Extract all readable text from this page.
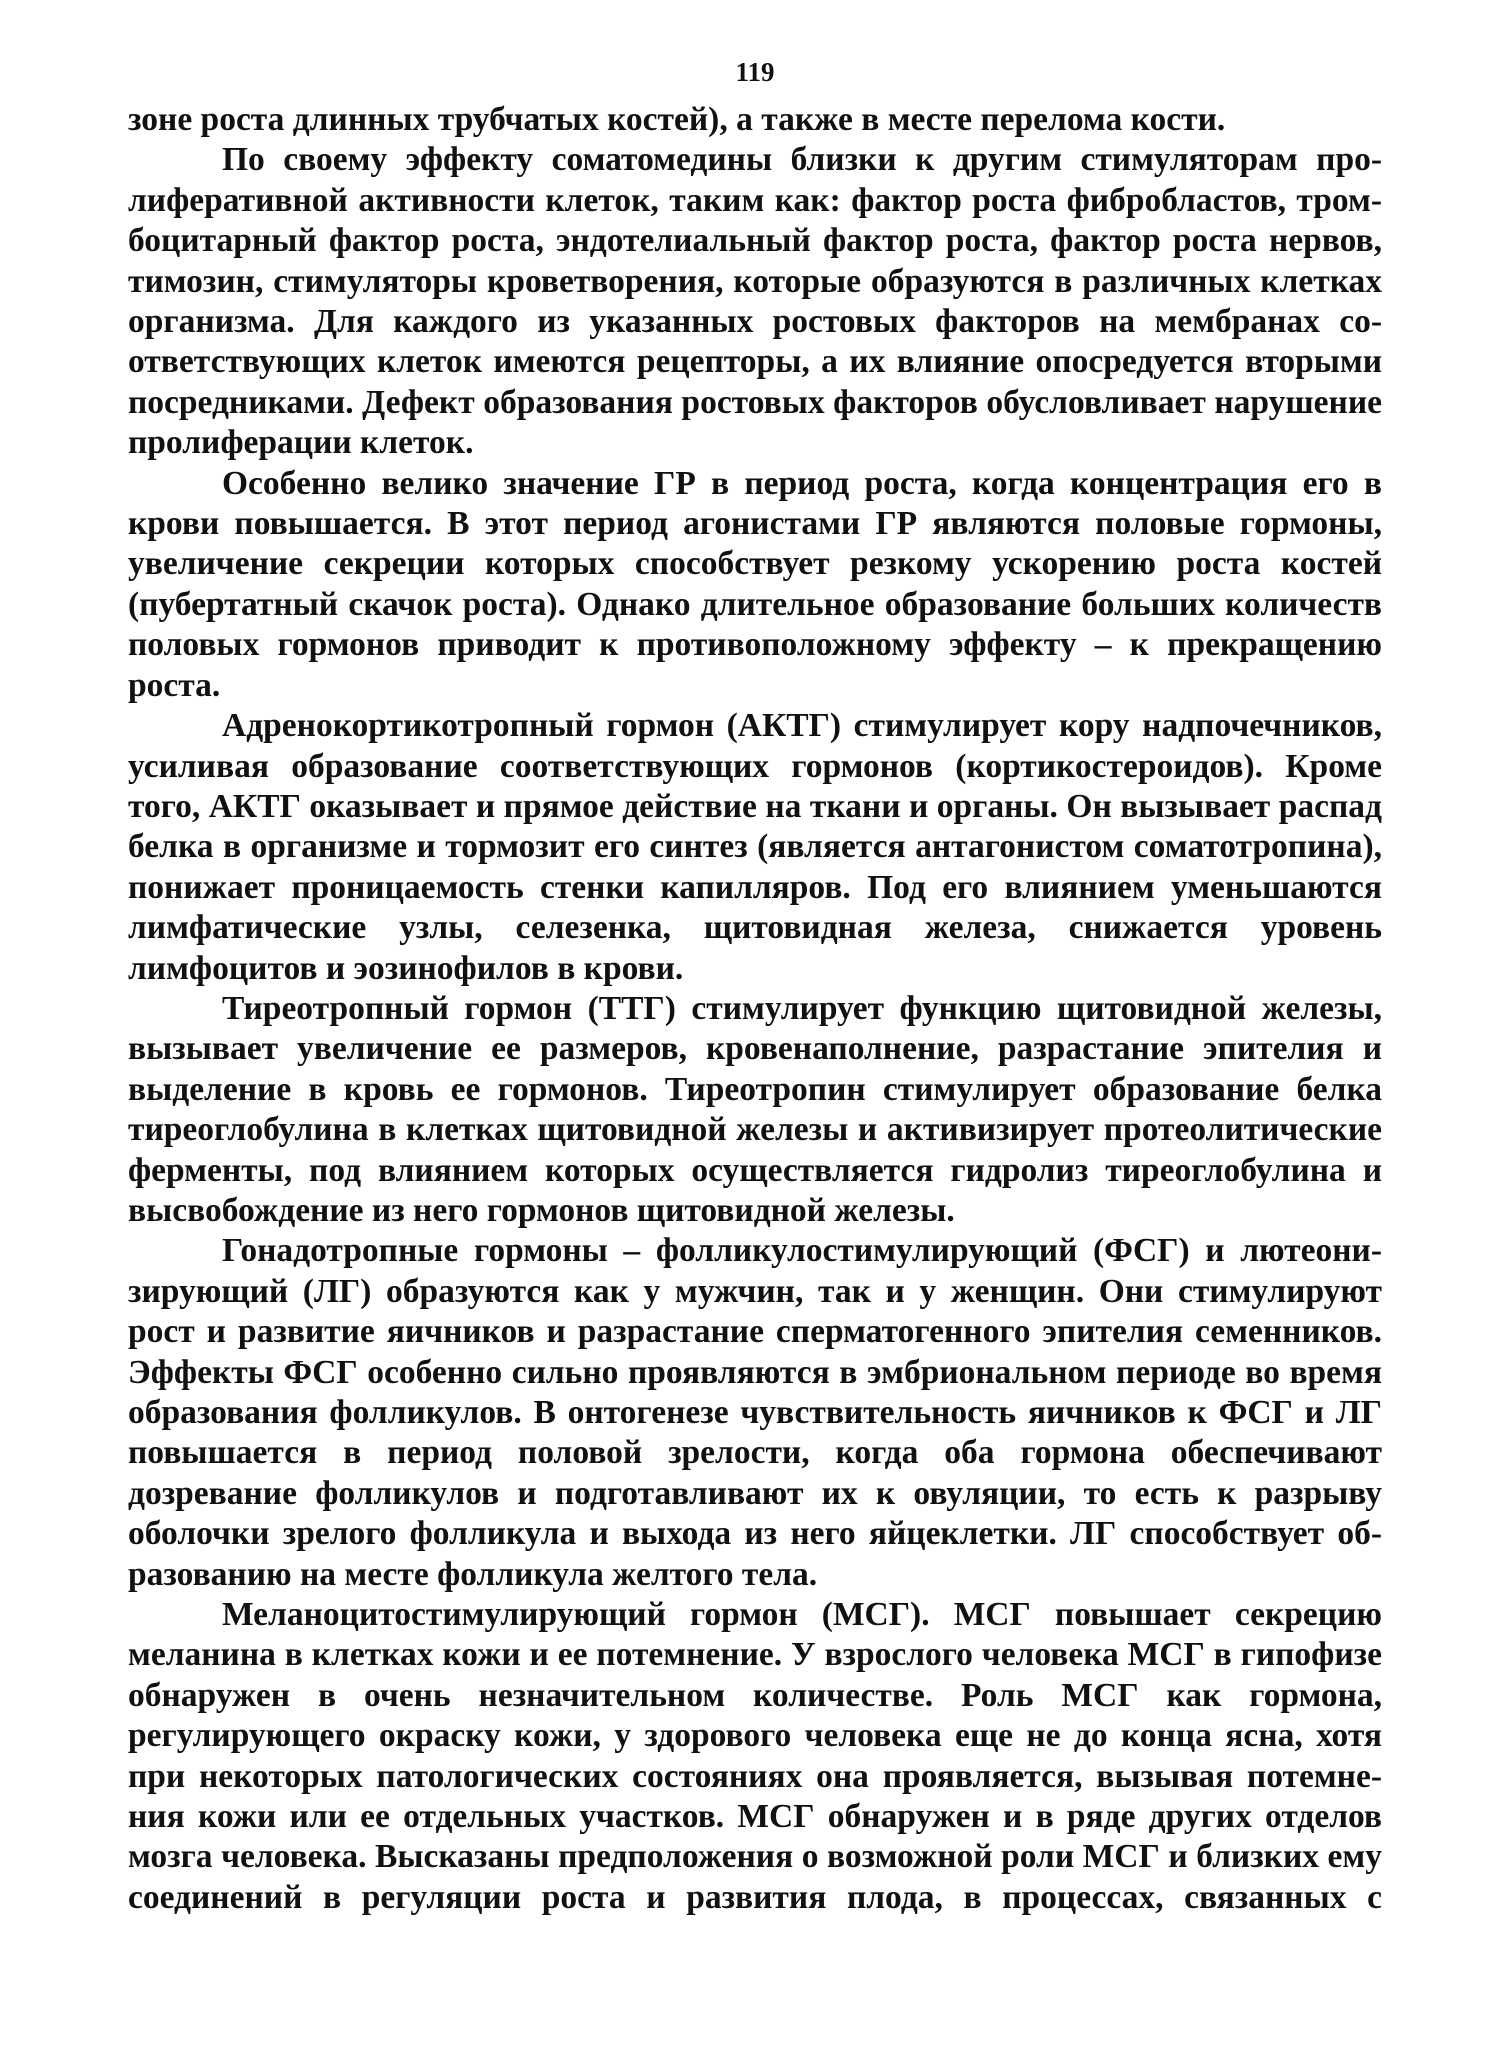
119

зоне роста длинных трубчатых костей), а также в месте перелома кости.

По своему эффекту соматомедины близки к другим стимуляторам пролиферативной активности клеток, таким как: фактор роста фибробластов, тромбоцитарный фактор роста, эндотелиальный фактор роста, фактор роста нервов, тимозин, стимуляторы кроветворения, которые образуются в различных клетках организма. Для каждого из указанных ростовых факторов на мембранах соответствующих клеток имеются рецепторы, а их влияние опосредуется вторыми посредниками. Дефект образования ростовых факторов обусловливает нарушение пролиферации клеток.

Особенно велико значение ГР в период роста, когда концентрация его в крови повышается. В этот период агонистами ГР являются половые гормоны, увеличение секреции которых способствует резкому ускорению роста костей (пубертатный скачок роста). Однако длительное образование больших количеств половых гормонов приводит к противоположному эффекту – к прекращению роста.

Адренокортикотропный гормон (АКТГ) стимулирует кору надпочечников, усиливая образование соответствующих гормонов (кортикостероидов). Кроме того, АКТГ оказывает и прямое действие на ткани и органы. Он вызывает распад белка в организме и тормозит его синтез (является антагонистом соматотропина), понижает проницаемость стенки капилляров. Под его влиянием уменьшаются лимфатические узлы, селезенка, щитовидная железа, снижается уровень лимфоцитов и эозинофилов в крови.

Тиреотропный гормон (ТТГ) стимулирует функцию щитовидной железы, вызывает увеличение ее размеров, кровенаполнение, разрастание эпителия и выделение в кровь ее гормонов. Тиреотропин стимулирует образование белка тиреоглобулина в клетках щитовидной железы и активизирует протеолитические ферменты, под влиянием которых осуществляется гидролиз тиреоглобулина и высвобождение из него гормонов щитовидной железы.

Гонадотропные гормоны – фолликулостимулирующий (ФСГ) и лютеонизирующий (ЛГ) образуются как у мужчин, так и у женщин. Они стимулируют рост и развитие яичников и разрастание сперматогенного эпителия семенников. Эффекты ФСГ особенно сильно проявляются в эмбриональном периоде во время образования фолликулов. В онтогенезе чувствительность яичников к ФСГ и ЛГ повышается в период половой зрелости, когда оба гормона обеспечивают дозревание фолликулов и подготавливают их к овуляции, то есть к разрыву оболочки зрелого фолликула и выхода из него яйцеклетки. ЛГ способствует образованию на месте фолликула желтого тела.

Меланоцитостимулирующий гормон (МСГ). МСГ повышает секрецию меланина в клетках кожи и ее потемнение. У взрослого человека МСГ в гипофизе обнаружен в очень незначительном количестве. Роль МСГ как гормона, регулирующего окраску кожи, у здорового человека еще не до конца ясна, хотя при некоторых патологических состояниях она проявляется, вызывая потемнения кожи или ее отдельных участков. МСГ обнаружен и в ряде других отделов мозга человека. Высказаны предположения о возможной роли МСГ и близких ему соединений в регуляции роста и развития плода, в процессах, связанных с
